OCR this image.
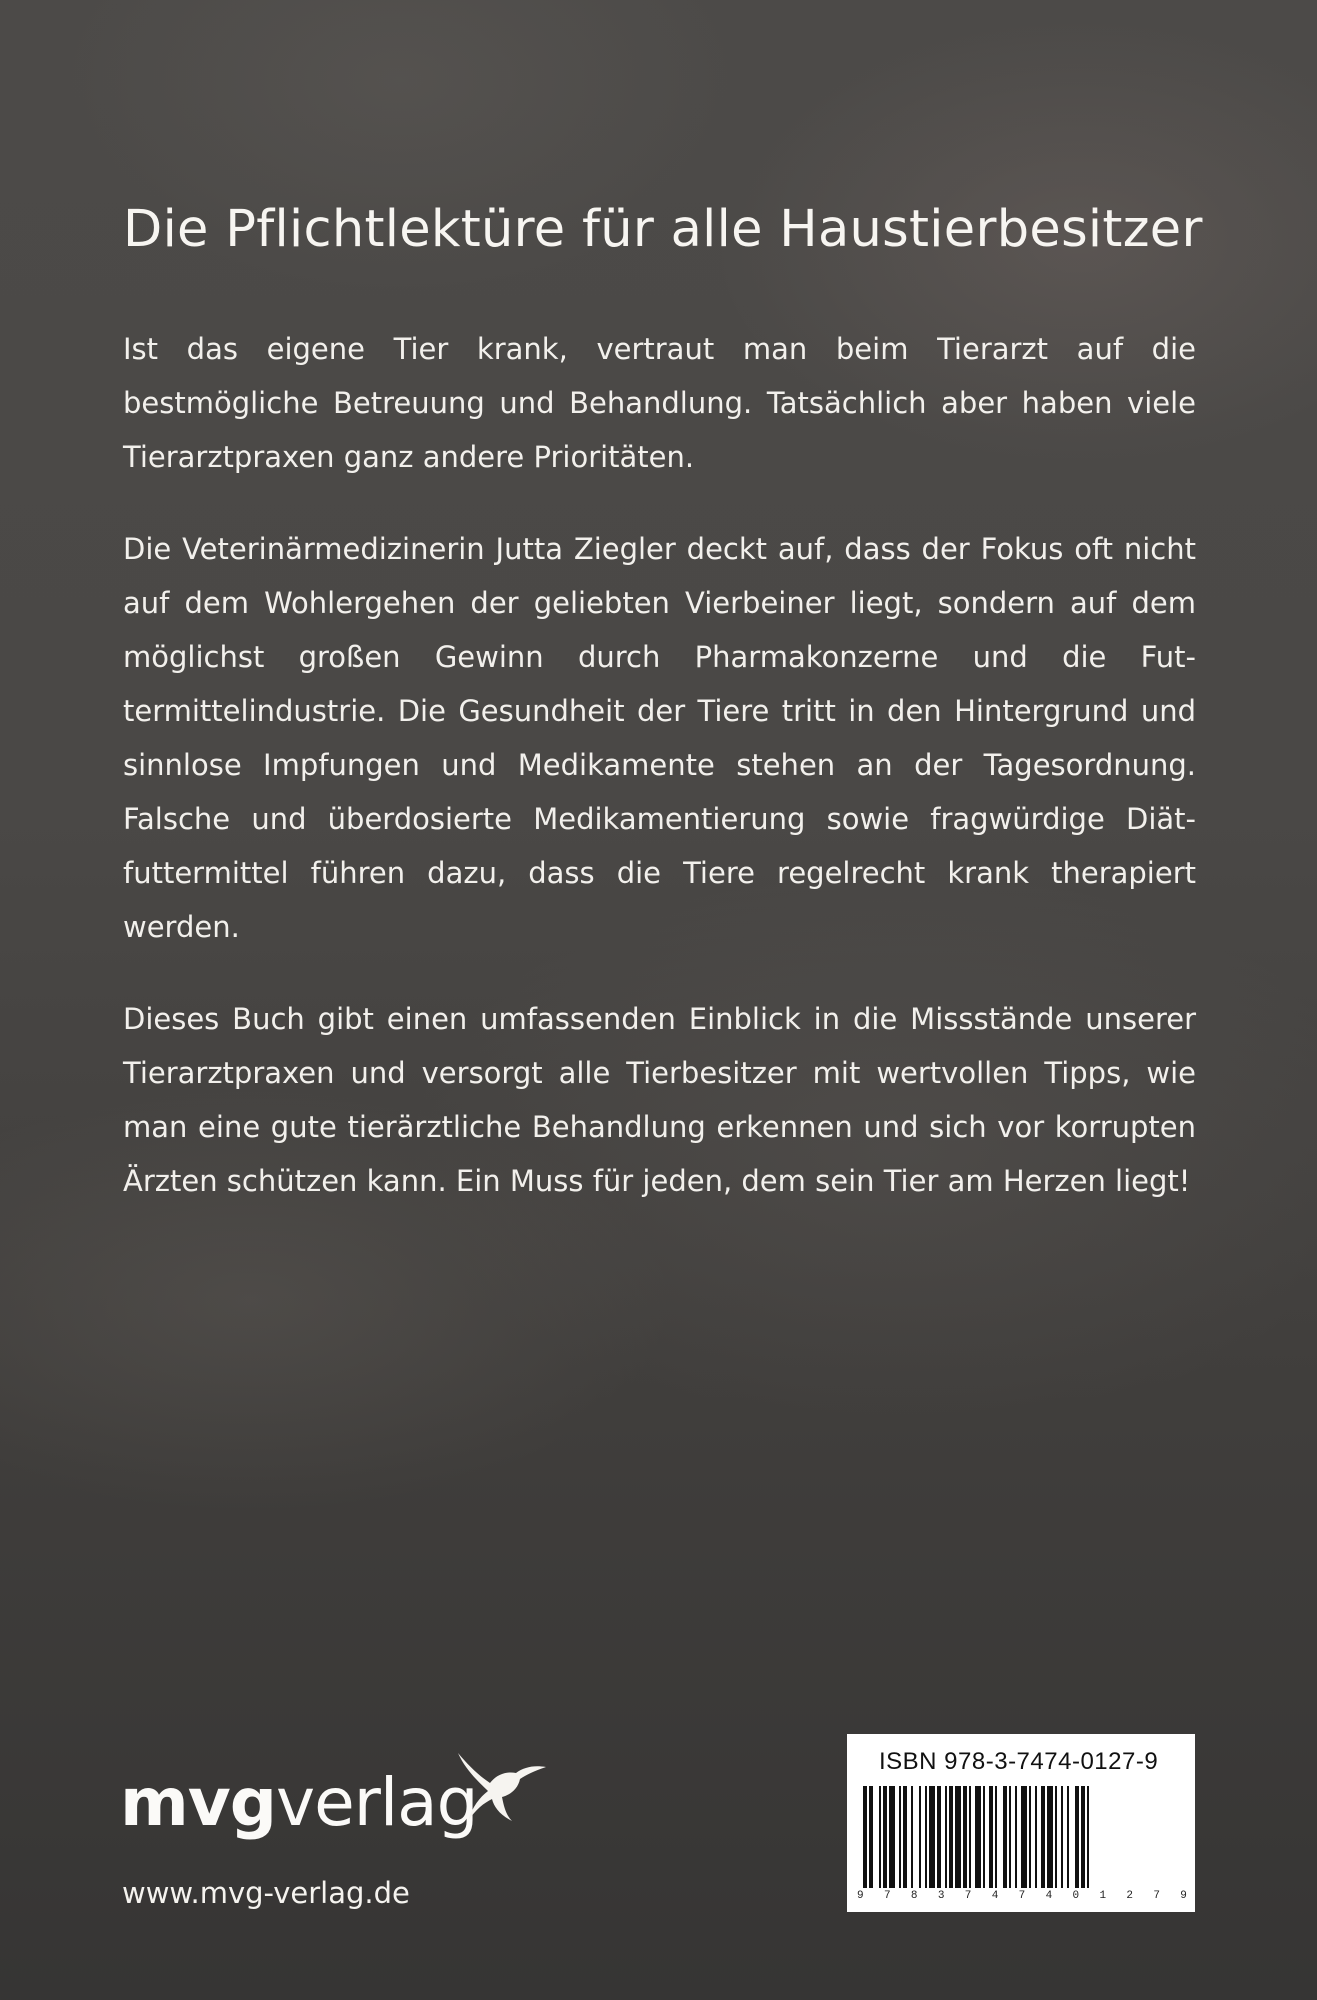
Die Pflichtlektüre für alle Haustierbesitzer

Ist das eigene Tier krank, vertraut man beim Tierarzt auf die bestmögliche Betreuung und Behandlung. Tatsächlich aber haben viele Tierarztpraxen ganz andere Prioritäten.

Die Veterinärmedizinerin Jutta Ziegler deckt auf, dass der Fokus oft nicht auf dem Wohlergehen der geliebten Vierbeiner liegt, sondern auf dem möglichst großen Gewinn durch Pharmakonzerne und die Futtermittelindustrie. Die Gesundheit der Tiere tritt in den Hintergrund und sinnlose Impfungen und Medikamente stehen an der Tagesordnung. Falsche und überdosierte Medikamentierung sowie fragwürdige Diätfuttermittel führen dazu, dass die Tiere regelrecht krank therapiert werden.

Dieses Buch gibt einen umfassenden Einblick in die Missstände unserer Tierarztpraxen und versorgt alle Tierbesitzer mit wertvollen Tipps, wie man eine gute tierärztliche Behandlung erkennen und sich vor korrupten Ärzten schützen kann. Ein Muss für jeden, dem sein Tier am Herzen liegt!

mvgverlag
www.mvg-verlag.de
ISBN 978-3-7474-0127-9
9 7 8 3 7 4 7 4 0 1 2 7 9
